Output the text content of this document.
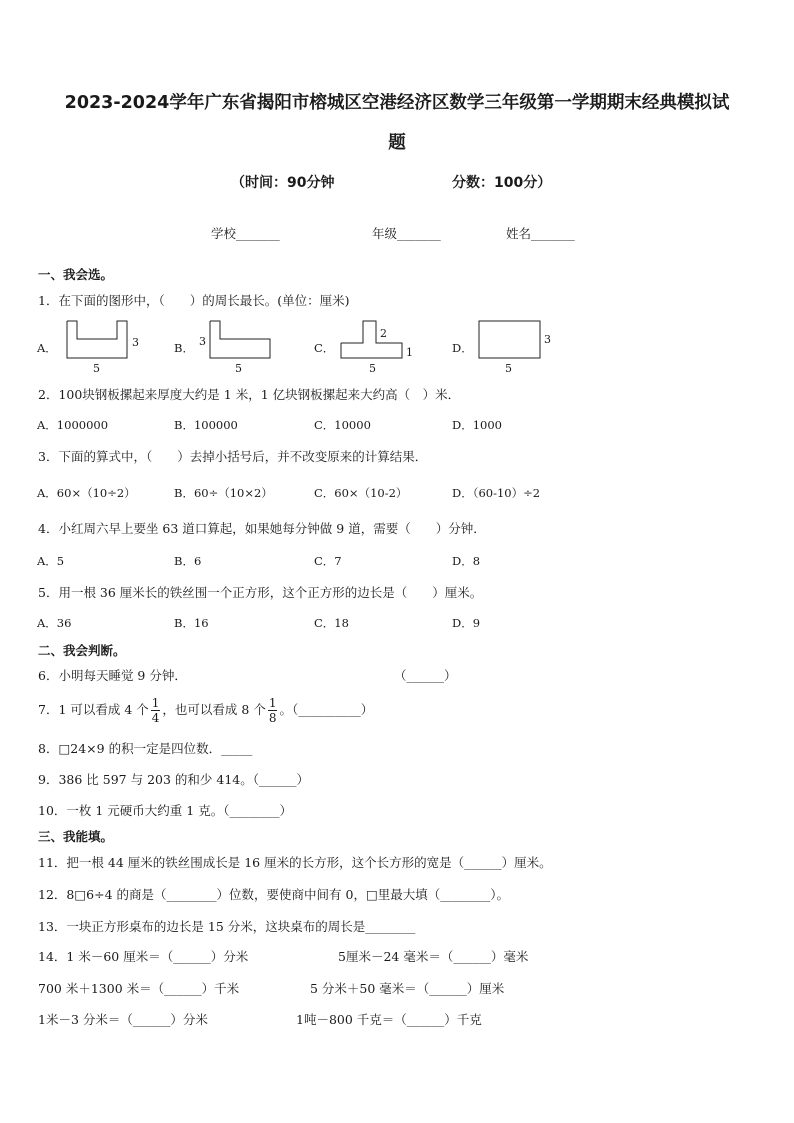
2023-2024学年广东省揭阳市榕城区空港经济区数学三年级第一学期期末经典模拟试
题
（时间：90分钟	分数：100分）
学校_______	年级_______	姓名_______
一、我会选。
1．在下面的图形中，（　　）的周长最长。(单位：厘米)
A．
5
3	B．
5
3	C．
5
2
1	D．
5
3
2．100块钢板摞起来厚度大约是 1 米，1 亿块钢板摞起来大约高（　）米．
A．1000000	B．100000	C．10000	D．1000
3．下面的算式中，（　　）去掉小括号后，并不改变原来的计算结果．
A．60×（10÷2）	B．60÷（10×2）	C．60×（10-2）	D．（60-10）÷2
4．小红周六早上要坐 63 道口算起，如果她每分钟做 9 道，需要（　　）分钟．
A．5	B．6	C．7	D．8
5．用一根 36 厘米长的铁丝围一个正方形，这个正方形的边长是（　　）厘米。
A．36	B．16	C．18	D．9
二、我会判断。
6．小明每天睡觉 9 分钟．	（______）
7．1 可以看成 4 个 $\frac{1}{4}$ ，也可以看成 8 个 $\frac{1}{8}$ 。（__________）
8．□24×9 的积一定是四位数．_____
9．386 比 597 与 203 的和少 414。（______）
10．一枚 1 元硬币大约重 1 克。（________）
三、我能填。
11．把一根 44 厘米的铁丝围成长是 16 厘米的长方形，这个长方形的宽是（______）厘米。
12．8□6÷4 的商是（________）位数，要使商中间有 0，□里最大填（________）。
13．一块正方形桌布的边长是 15 分米，这块桌布的周长是________
14．1 米－60 厘米＝（______）分米	5厘米－24 毫米＝（______）毫米
700 米＋1300 米＝（______）千米	5 分米＋50 毫米＝（______）厘米
1米－3 分米＝（______）分米	1吨－800 千克＝（______）千克
